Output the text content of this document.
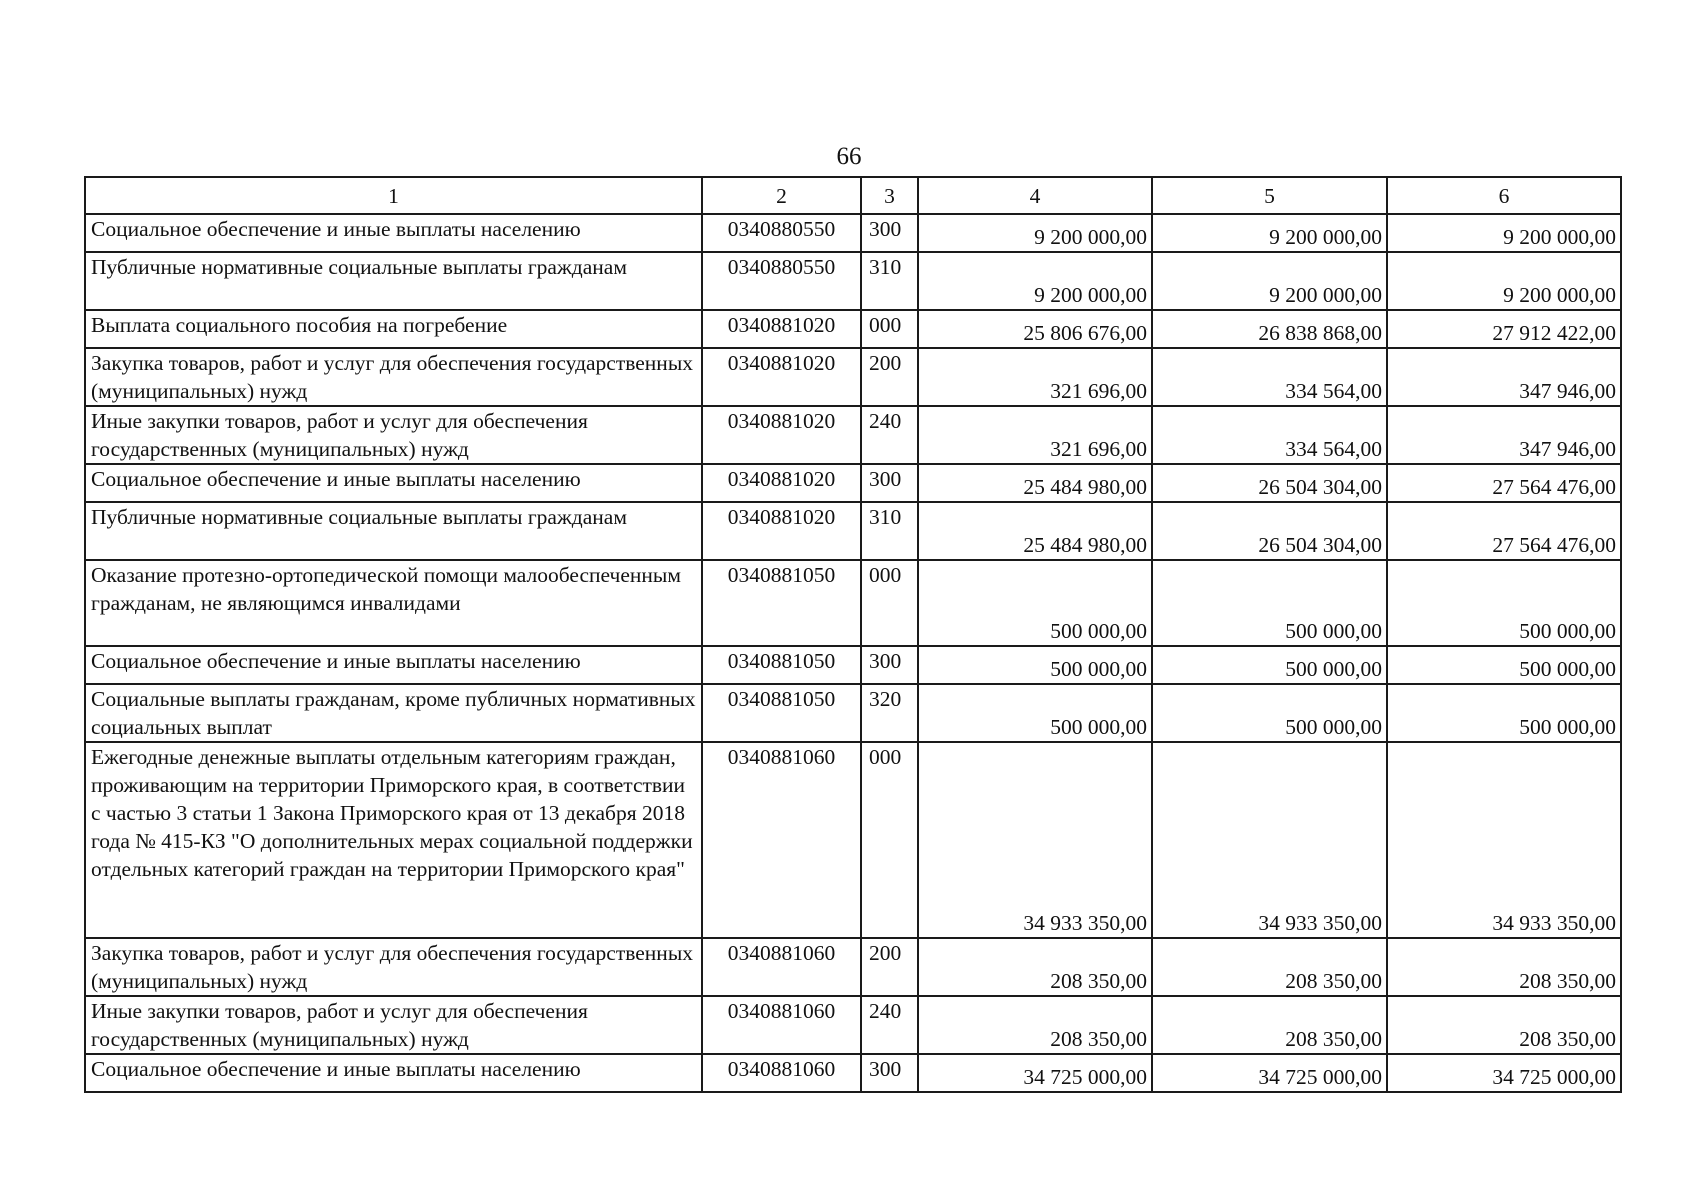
66
1	2	3	4	5	6
Социальное обеспечение и иные выплаты населению	0340880550	300	9 200 000,00	9 200 000,00	9 200 000,00
Публичные нормативные социальные выплаты гражданам	0340880550	310	9 200 000,00	9 200 000,00	9 200 000,00
Выплата социального пособия на погребение	0340881020	000	25 806 676,00	26 838 868,00	27 912 422,00
Закупка товаров, работ и услуг для обеспечения государственных (муниципальных) нужд	0340881020	200	321 696,00	334 564,00	347 946,00
Иные закупки товаров, работ и услуг для обеспечения государственных (муниципальных) нужд	0340881020	240	321 696,00	334 564,00	347 946,00
Социальное обеспечение и иные выплаты населению	0340881020	300	25 484 980,00	26 504 304,00	27 564 476,00
Публичные нормативные социальные выплаты гражданам	0340881020	310	25 484 980,00	26 504 304,00	27 564 476,00
Оказание протезно-ортопедической помощи малообеспеченным гражданам, не являющимся инвалидами	0340881050	000	500 000,00	500 000,00	500 000,00
Социальное обеспечение и иные выплаты населению	0340881050	300	500 000,00	500 000,00	500 000,00
Социальные выплаты гражданам, кроме публичных нормативных социальных выплат	0340881050	320	500 000,00	500 000,00	500 000,00
Ежегодные денежные выплаты отдельным категориям граждан, проживающим на территории Приморского края, в соответствии с частью 3 статьи 1 Закона Приморского края от 13 декабря 2018 года № 415-КЗ "О дополнительных мерах социальной поддержки отдельных категорий граждан на территории Приморского края"	0340881060	000	34 933 350,00	34 933 350,00	34 933 350,00
Закупка товаров, работ и услуг для обеспечения государственных (муниципальных) нужд	0340881060	200	208 350,00	208 350,00	208 350,00
Иные закупки товаров, работ и услуг для обеспечения государственных (муниципальных) нужд	0340881060	240	208 350,00	208 350,00	208 350,00
Социальное обеспечение и иные выплаты населению	0340881060	300	34 725 000,00	34 725 000,00	34 725 000,00
